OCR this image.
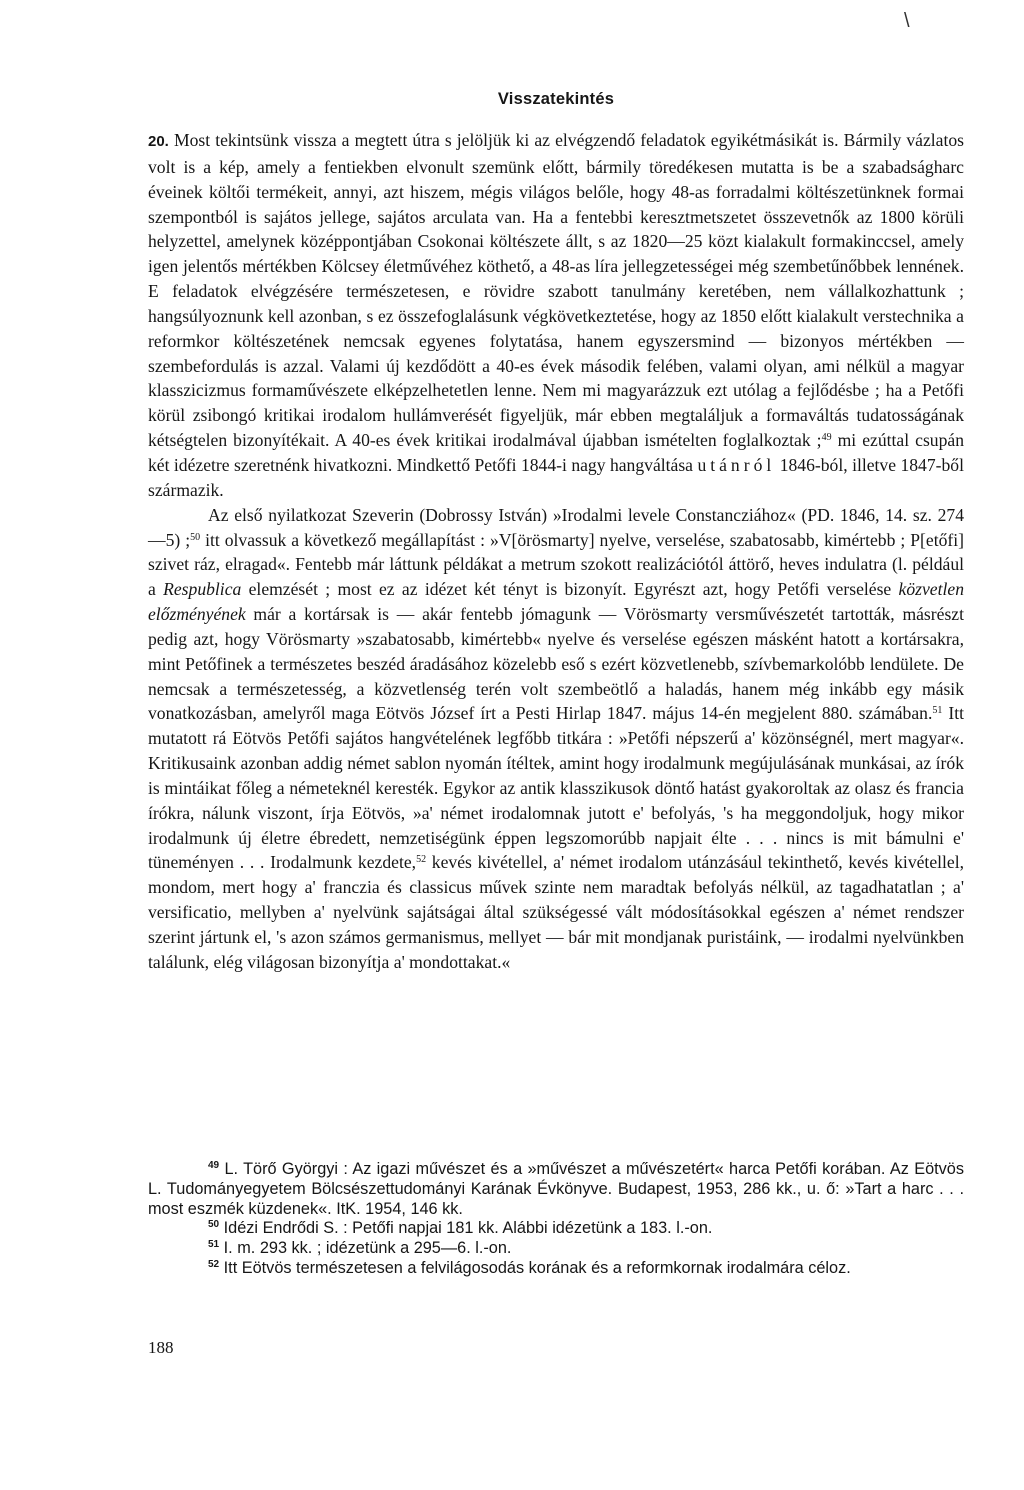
\
Visszatekintés

20. Most tekintsünk vissza a megtett útra s jelöljük ki az elvégzendő feladatok egyikétmásikát is. Bármily vázlatos volt is a kép, amely a fentiekben elvonult szemünk előtt, bármily töredékesen mutatta is be a szabadságharc éveinek költői termékeit, annyi, azt hiszem, mégis világos belőle, hogy 48-as forradalmi költészetünknek formai szempontból is sajátos jellege, sajátos arculata van. Ha a fentebbi keresztmetszetet összevetnők az 1800 körüli helyzettel, amelynek középpontjában Csokonai költészete állt, s az 1820—25 közt kialakult formakinccsel, amely igen jelentős mértékben Kölcsey életművéhez köthető, a 48-as líra jellegzetességei még szembetűnőbbek lennének. E feladatok elvégzésére természetesen, e rövidre szabott tanulmány keretében, nem vállalkozhattunk ; hangsúlyoznunk kell azonban, s ez összefoglalásunk végkövetkeztetése, hogy az 1850 előtt kialakult verstechnika a reformkor költészetének nemcsak egyenes folytatása, hanem egyszersmind — bizonyos mértékben — szembefordulás is azzal. Valami új kezdődött a 40-es évek második felében, valami olyan, ami nélkül a magyar klasszicizmus formaművészete elképzelhetetlen lenne. Nem mi magyarázzuk ezt utólag a fejlődésbe ; ha a Petőfi körül zsibongó kritikai irodalom hullámverését figyeljük, már ebben megtaláljuk a formaváltás tudatosságának kétségtelen bizonyítékait. A 40-es évek kritikai irodalmával újabban ismételten foglalkoztak ;$^{49}$ mi ezúttal csupán két idézetre szeretnénk hivatkozni. Mindkettő Petőfi 1844-i nagy hangváltása utánról 1846-ból, illetve 1847-ből származik.

Az első nyilatkozat Szeverin (Dobrossy István) »Irodalmi levele Constancziához« (PD. 1846, 14. sz. 274—5) ;$^{50}$ itt olvassuk a következő megállapítást : »V[örösmarty] nyelve, verselése, szabatosabb, kimértebb ; P[etőfi] szivet ráz, elragad«. Fentebb már láttunk példákat a metrum szokott realizációtól áttörő, heves indulatra (l. például a Respublica elemzését ; most ez az idézet két tényt is bizonyít. Egyrészt azt, hogy Petőfi verselése közvetlen előzményének már a kortársak is — akár fentebb jómagunk — Vörösmarty versművészetét tartották, másrészt pedig azt, hogy Vörösmarty »szabatosabb, kimértebb« nyelve és verselése egészen másként hatott a kortársakra, mint Petőfinek a természetes beszéd áradásához közelebb eső s ezért közvetlenebb, szívbemarkolóbb lendülete. De nemcsak a természetesség, a közvetlenség terén volt szembeötlő a haladás, hanem még inkább egy másik vonatkozásban, amelyről maga Eötvös József írt a Pesti Hirlap 1847. május 14-én megjelent 880. számában.$^{51}$ Itt mutatott rá Eötvös Petőfi sajátos hangvételének legfőbb titkára : »Petőfi népszerű a' közönségnél, mert magyar«. Kritikusaink azonban addig német sablon nyomán ítéltek, amint hogy irodalmunk megújulásának munkásai, az írók is mintáikat főleg a németeknél keresték. Egykor az antik klasszikusok döntő hatást gyakoroltak az olasz és francia írókra, nálunk viszont, írja Eötvös, »a' német irodalomnak jutott e' befolyás, 's ha meggondoljuk, hogy mikor irodalmunk új életre ébredett, nemzetiségünk éppen legszomorúbb napjait élte . . . nincs is mit bámulni e' tüneményen . . . Irodalmunk kezdete,$^{52}$ kevés kivétellel, a' német irodalom utánzásául tekinthető, kevés kivétellel, mondom, mert hogy a' franczia és classicus művek szinte nem maradtak befolyás nélkül, az tagadhatatlan ; a' versificatio, mellyben a' nyelvünk sajátságai által szükségessé vált módosításokkal egészen a' német rendszer szerint jártunk el, 's azon számos germanismus, mellyet — bár mit mondjanak puristáink, — irodalmi nyelvünkben találunk, elég világosan bizonyítja a' mondottakat.«

$^{49}$ L. Törő Györgyi : Az igazi művészet és a »művészet a művészetért« harca Petőfi korában. Az Eötvös L. Tudományegyetem Bölcsészettudományi Karának Évkönyve. Budapest, 1953, 286 kk., u. ő: »Tart a harc . . . most eszmék küzdenek«. ItK. 1954, 146 kk.

$^{50}$ Idézi Endrődi S. : Petőfi napjai 181 kk. Alábbi idézetünk a 183. l.-on.

$^{51}$ I. m. 293 kk. ; idézetünk a 295—6. l.-on.

$^{52}$ Itt Eötvös természetesen a felvilágosodás korának és a reformkornak irodalmára céloz.

188
